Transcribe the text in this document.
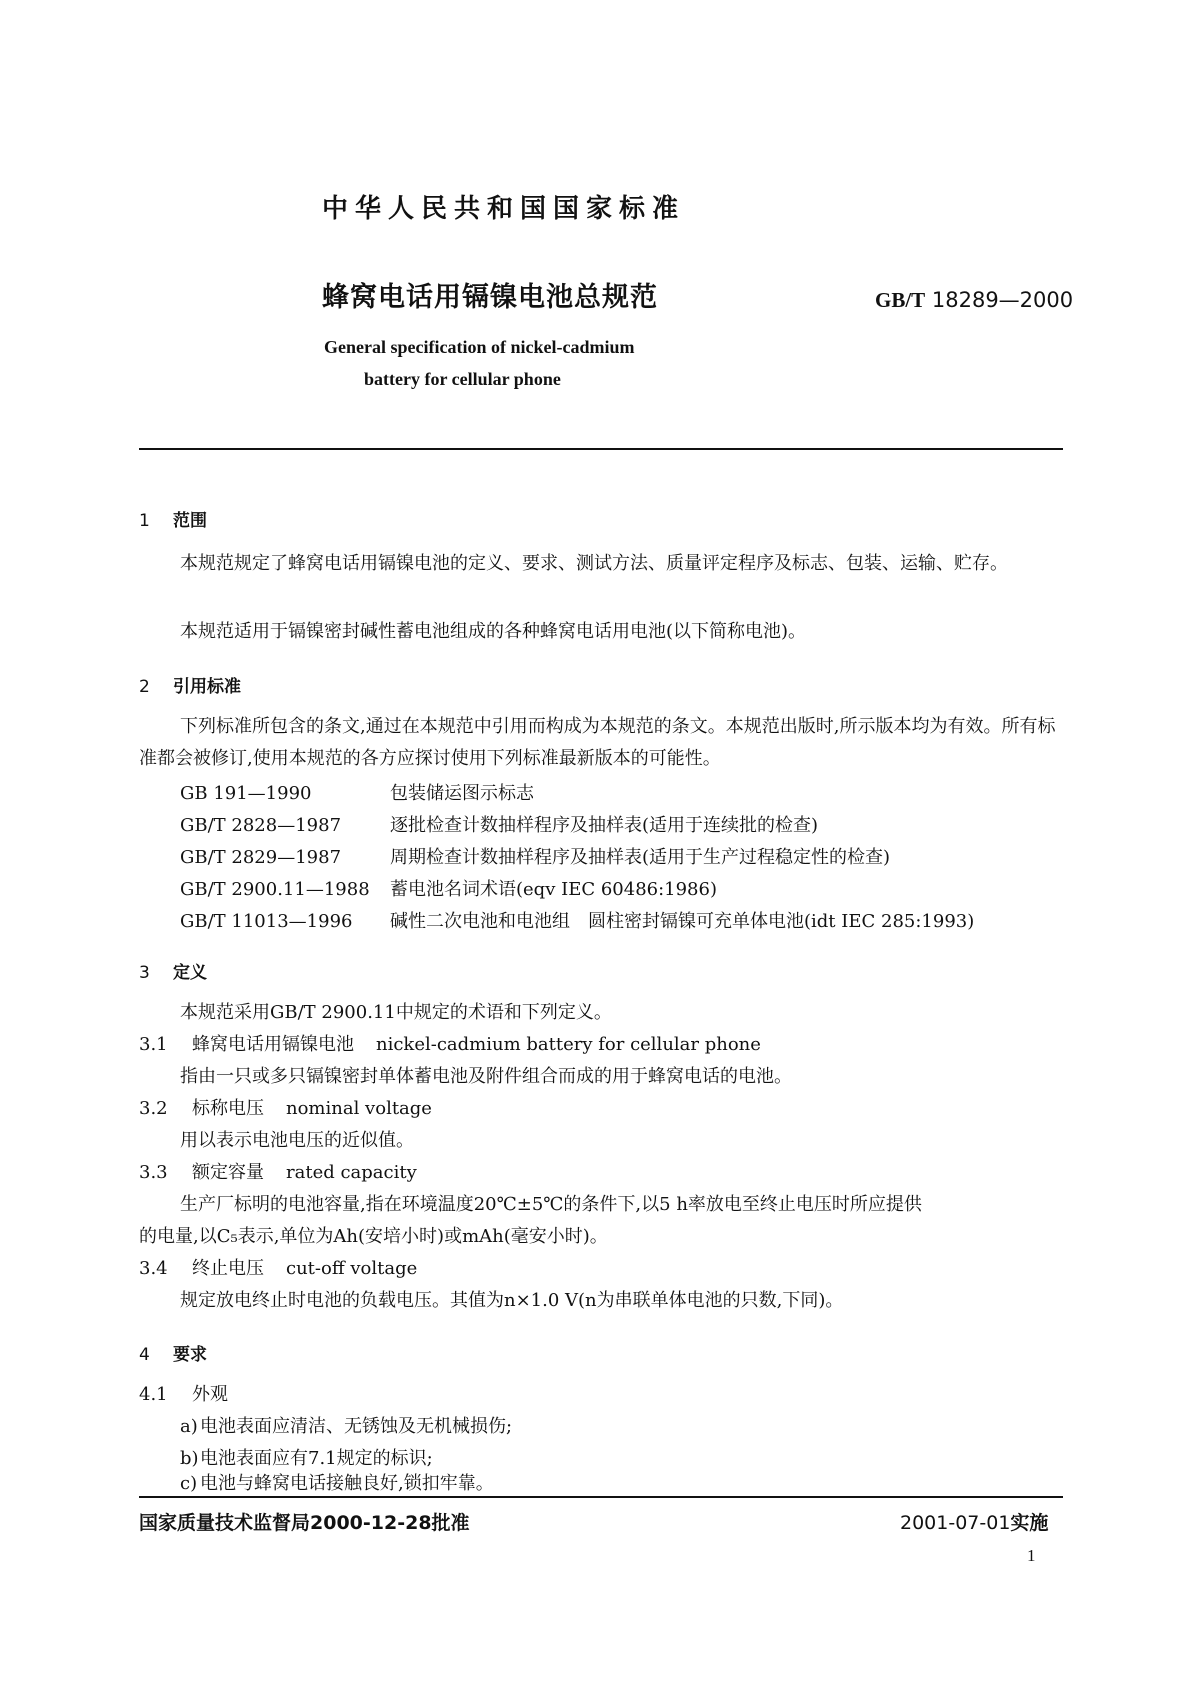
中华人民共和国国家标准
蜂窝电话用镉镍电池总规范	GB/T 18289—2000
General specification of nickel-cadmium
battery for cellular phone
1 范围
本规范规定了蜂窝电话用镉镍电池的定义、要求、测试方法、质量评定程序及标志、包装、运输、贮存。
本规范适用于镉镍密封碱性蓄电池组成的各种蜂窝电话用电池(以下简称电池)。
2 引用标准
下列标准所包含的条文,通过在本规范中引用而构成为本规范的条文。本规范出版时,所示版本均为有效。所有标准都会被修订,使用本规范的各方应探讨使用下列标准最新版本的可能性。
GB 191—1990	包装储运图示标志
GB/T 2828—1987	逐批检查计数抽样程序及抽样表(适用于连续批的检查)
GB/T 2829—1987	周期检查计数抽样程序及抽样表(适用于生产过程稳定性的检查)
GB/T 2900.11—1988 蓄电池名词术语(eqv IEC 60486:1986)
GB/T 11013—1996 碱性二次电池和电池组　圆柱密封镉镍可充单体电池(idt IEC 285:1993)
3 定义
本规范采用GB/T 2900.11中规定的术语和下列定义。
3.1 蜂窝电话用镉镍电池 nickel-cadmium battery for cellular phone
指由一只或多只镉镍密封单体蓄电池及附件组合而成的用于蜂窝电话的电池。
3.2 标称电压 nominal voltage
用以表示电池电压的近似值。
3.3 额定容量 rated capacity
生产厂标明的电池容量,指在环境温度20℃±5℃的条件下,以5 h率放电至终止电压时所应提供
的电量,以C₅表示,单位为Ah(安培小时)或mAh(毫安小时)。
3.4 终止电压 cut-off voltage
规定放电终止时电池的负载电压。其值为n×1.0 V(n为串联单体电池的只数,下同)。
4 要求
4.1 外观
a) 电池表面应清洁、无锈蚀及无机械损伤;
b)电池表面应有7.1规定的标识;
c) 电池与蜂窝电话接触良好,锁扣牢靠。
国家质量技术监督局2000-12-28批准	2001-07-01实施
1
